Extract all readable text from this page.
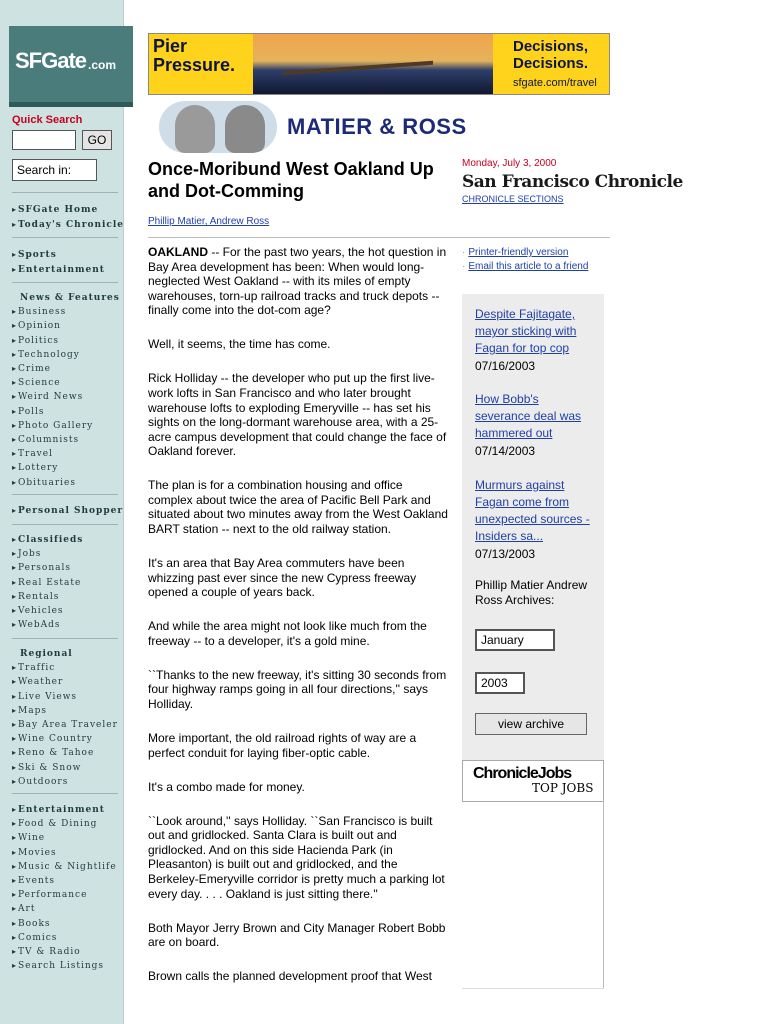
SFGate .com
Quick Search
GO
Search in:
▸ SFGate Home
▸ Today's Chronicle
▸ Sports
▸ Entertainment
News & Features
▸ Business
▸ Opinion
▸ Politics
▸ Technology
▸ Crime
▸ Science
▸ Weird News
▸ Polls
▸ Photo Gallery
▸ Columnists
▸ Travel
▸ Lottery
▸ Obituaries
▸ Personal Shopper
▸ Classifieds
▸ Jobs
▸ Personals
▸ Real Estate
▸ Rentals
▸ Vehicles
▸ WebAds
Regional
▸ Traffic
▸ Weather
▸ Live Views
▸ Maps
▸ Bay Area Traveler
▸ Wine Country
▸ Reno & Tahoe
▸ Ski & Snow
▸ Outdoors
▸ Entertainment
▸ Food & Dining
▸ Wine
▸ Movies
▸ Music & Nightlife
▸ Events
▸ Performance
▸ Art
▸ Books
▸ Comics
▸ TV & Radio
▸ Search Listings
Pier
Pressure.
Decisions,
Decisions.
sfgate.com/travel
MATIER & ROSS
Once-Moribund West Oakland Up and Dot-Comming
Phillip Matier, Andrew Ross

OAKLAND -- For the past two years, the hot question in Bay Area development has been: When would long-neglected West Oakland -- with its miles of empty warehouses, torn-up railroad tracks and truck depots -- finally come into the dot-com age?

Well, it seems, the time has come.

Rick Holliday -- the developer who put up the first live-work lofts in San Francisco and who later brought warehouse lofts to exploding Emeryville -- has set his sights on the long-dormant warehouse area, with a 25-acre campus development that could change the face of Oakland forever.

The plan is for a combination housing and office complex about twice the area of Pacific Bell Park and situated about two minutes away from the West Oakland BART station -- next to the old railway station.

It's an area that Bay Area commuters have been whizzing past ever since the new Cypress freeway opened a couple of years back.

And while the area might not look like much from the freeway -- to a developer, it's a gold mine.

``Thanks to the new freeway, it's sitting 30 seconds from four highway ramps going in all four directions,'' says Holliday.

More important, the old railroad rights of way are a perfect conduit for laying fiber-optic cable.

It's a combo made for money.

``Look around,'' says Holliday. ``San Francisco is built out and gridlocked. Santa Clara is built out and gridlocked. And on this side Hacienda Park (in Pleasanton) is built out and gridlocked, and the Berkeley-Emeryville corridor is pretty much a parking lot every day. . . . Oakland is just sitting there.''

Both Mayor Jerry Brown and City Manager Robert Bobb are on board.

Brown calls the planned development proof that West

Monday, July 3, 2000
San Francisco Chronicle
CHRONICLE SECTIONS
· Printer-friendly version
· Email this article to a friend
Despite Fajitagate, mayor sticking with Fagan for top cop
07/16/2003
How Bobb's severance deal was hammered out
07/14/2003
Murmurs against Fagan come from unexpected sources - Insiders sa...
07/13/2003
Phillip Matier Andrew Ross Archives:
January
2003
view archive
ChronicleJobs
TOP JOBS
